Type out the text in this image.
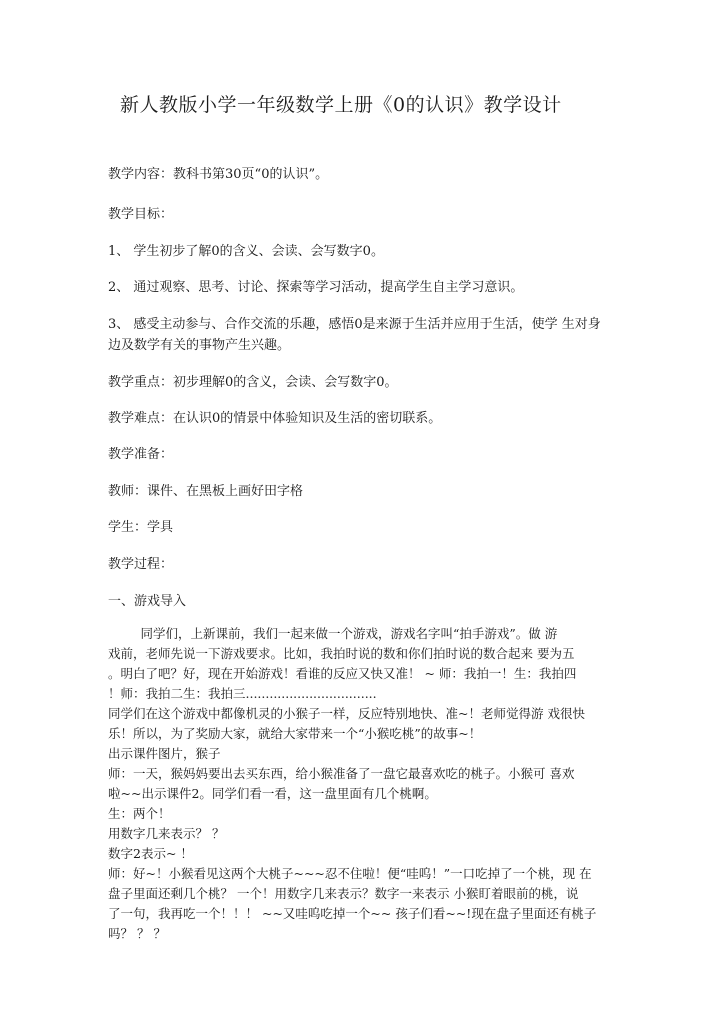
新人教版小学一年级数学上册《0的认识》教学设计
教学内容：教科书第30页“0的认识”。
教学目标：
1、 学生初步了解0的含义、会读、会写数字0。
2、 通过观察、思考、讨论、探索等学习活动，提高学生自主学习意识。
3、 感受主动参与、合作交流的乐趣，感悟0是来源于生活并应用于生活，使学 生对身
边及数学有关的事物产生兴趣。
教学重点：初步理解0的含义，会读、会写数字0。
教学难点：在认识0的情景中体验知识及生活的密切联系。
教学准备：
教师：课件、在黑板上画好田字格
学生：学具
教学过程：
一、游戏导入

同学们，上新课前，我们一起来做一个游戏，游戏名字叫“拍手游戏”。做 游

戏前，老师先说一下游戏要求。比如，我拍时说的数和你们拍时说的数合起来 要为五

。明白了吧？好，现在开始游戏！看谁的反应又快又准！ ~ 师：我拍一！生：我拍四

！师：我拍二生：我拍三.................................

同学们在这个游戏中都像机灵的小猴子一样，反应特别地快、准~！老师觉得游 戏很快

乐！所以，为了奖励大家，就给大家带来一个“小猴吃桃”的故事~！

出示课件图片，猴子

师：一天，猴妈妈要出去买东西，给小猴准备了一盘它最喜欢吃的桃子。小猴可 喜欢

啦~~出示课件2。同学们看一看，这一盘里面有几个桃啊。

生：两个！

用数字几来表示？ ？

数字2表示~ ！

师：好~！小猴看见这两个大桃子~~~忍不住啦！便“哇呜！”一口吃掉了一个桃，现 在

盘子里面还剩几个桃？ 一个！用数字几来表示？数字一来表示 小猴盯着眼前的桃，说

了一句，我再吃一个！！！ ~~又哇呜吃掉一个~~ 孩子们看~~!现在盘子里面还有桃子

吗？ ？ ？
